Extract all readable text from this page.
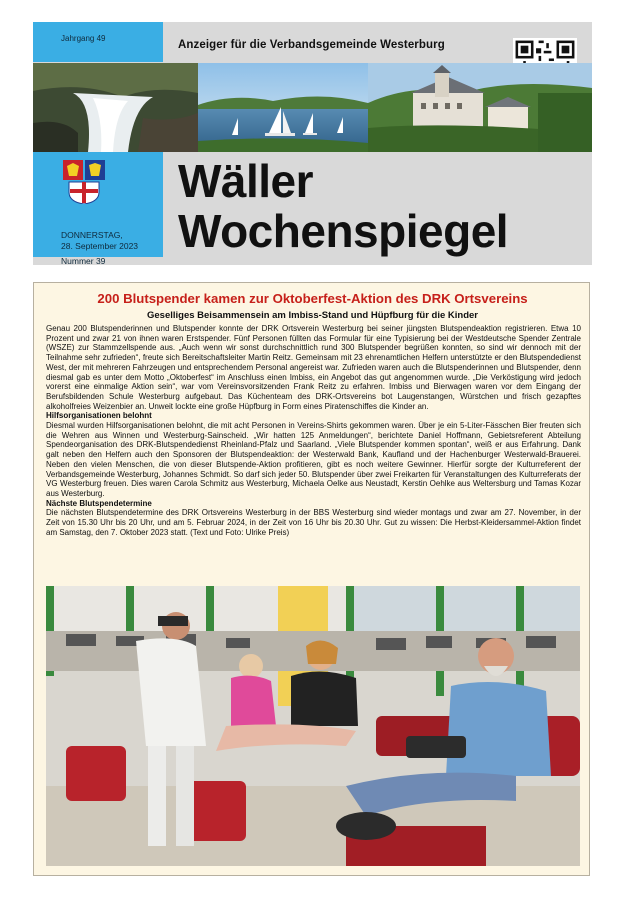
Jahrgang 49
Anzeiger für die Verbandsgemeinde Westerburg
DONNERSTAG,
28. September 2023
Nummer 39
Wäller
Wochenspiegel
200 Blutspender kamen zur Oktoberfest-Aktion des DRK Ortsvereins
Geselliges Beisammensein am Imbiss-Stand und Hüpfburg für die Kinder

Genau 200 Blutspenderinnen und Blutspender konnte der DRK Ortsverein Westerburg bei seiner jüngsten Blutspendeaktion registrieren. Etwa 10 Prozent und zwar 21 von ihnen waren Erstspender. Fünf Personen füllten das Formular für eine Typisierung bei der Westdeutsche Spender Zentrale (WSZE) zur Stammzellspende aus. „Auch wenn wir sonst durchschnittlich rund 300 Blutspender begrüßen konnten, so sind wir dennoch mit der Teilnahme sehr zufrieden“, freute sich Bereitschaftsleiter Martin Reitz. Gemeinsam mit 23 ehrenamtlichen Helfern unterstützte er den Blutspendedienst West, der mit mehreren Fahrzeugen und entsprechendem Personal angereist war. Zufrieden waren auch die Blutspenderinnen und Blutspender, denn diesmal gab es unter dem Motto „Oktoberfest“ im Anschluss einen Imbiss, ein Angebot das gut angenommen wurde. „Die Verköstigung wird jedoch vorerst eine einmalige Aktion sein“, war vom Vereinsvorsitzenden Frank Reitz zu erfahren. Imbiss und Bierwagen waren vor dem Eingang der Berufsbildenden Schule Westerburg aufgebaut. Das Küchenteam des DRK-Ortsvereins bot Laugenstangen, Würstchen und frisch gezapftes alkoholfreies Weizenbier an. Unweit lockte eine große Hüpfburg in Form eines Piratenschiffes die Kinder an.

Hilfsorganisationen belohnt

Diesmal wurden Hilfsorganisationen belohnt, die mit acht Personen in Vereins-Shirts gekommen waren. Über je ein 5-Liter-Fässchen Bier freuten sich die Wehren aus Winnen und Westerburg-Sainscheid. „Wir hatten 125 Anmeldungen“, berichtete Daniel Hoffmann, Gebietsreferent Abteilung Spendeorganisation des DRK-Blutspendedienst Rheinland-Pfalz und Saarland. „Viele Blutspender kommen spontan“, weiß er aus Erfahrung. Dank galt neben den Helfern auch den Sponsoren der Blutspendeaktion: der Westerwald Bank, Kaufland und der Hachenburger Westerwald-Brauerei. Neben den vielen Menschen, die von dieser Blutspende-Aktion profitieren, gibt es noch weitere Gewinner. Hierfür sorgte der Kulturreferent der Verbandsgemeinde Westerburg, Johannes Schmidt. So darf sich jeder 50. Blutspender über zwei Freikarten für Veranstaltungen des Kulturreferats der VG Westerburg freuen. Dies waren Carola Schmitz aus Westerburg, Michaela Oelke aus Neustadt, Kerstin Oehlke aus Weltersburg und Tamas Kozar aus Westerburg.

Nächste Blutspendetermine

Die nächsten Blutspendetermine des DRK Ortsvereins Westerburg in der BBS Westerburg sind wieder montags und zwar am 27. November, in der Zeit von 15.30 Uhr bis 20 Uhr, und am 5. Februar 2024, in der Zeit von 16 Uhr bis 20.30 Uhr. Gut zu wissen: Die Herbst-Kleidersammel-Aktion findet am Samstag, den 7. Oktober 2023 statt. (Text und Foto: Ulrike Preis)
